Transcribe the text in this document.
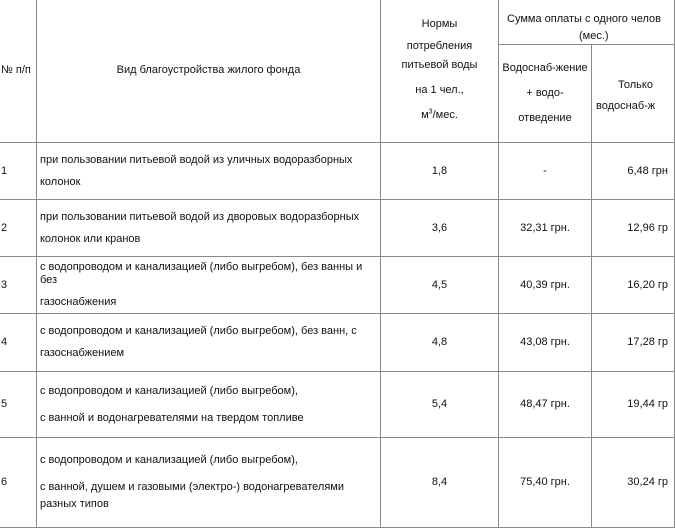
№ п/п	Вид благоустройства жилого фонда	Нормы
потребления
питьевой воды
на 1 чел.,
$м^3$/мес.	Сумма оплаты с одного челов
(мес.)	

			Водоснаб-жение
+ водо-
отведение	Только
водоснаб-ж

1	при пользовании питьевой водой из уличных водоразборных
колонок	1,8	-	6,48 грн
2	при пользовании питьевой водой из дворовых водоразборных
колонок или кранов	3,6	32,31 грн.	12,96 гр
3	с водопроводом и канализацией (либо выгребом), без ванны и без
газоснабжения	4,5	40,39 грн.	16,20 гр
4	с водопроводом и канализацией (либо выгребом), без ванн, с
газоснабжением	4,8	43,08 грн.	17,28 гр
5	с водопроводом и канализацией (либо выгребом),
с ванной и водонагревателями на твердом топливе	5,4	48,47 грн.	19,44 гр
6	с водопроводом и канализацией (либо выгребом),
с ванной, душем и газовыми (электро-) водонагревателями
разных типов	8,4	75,40 грн.	30,24 гр
